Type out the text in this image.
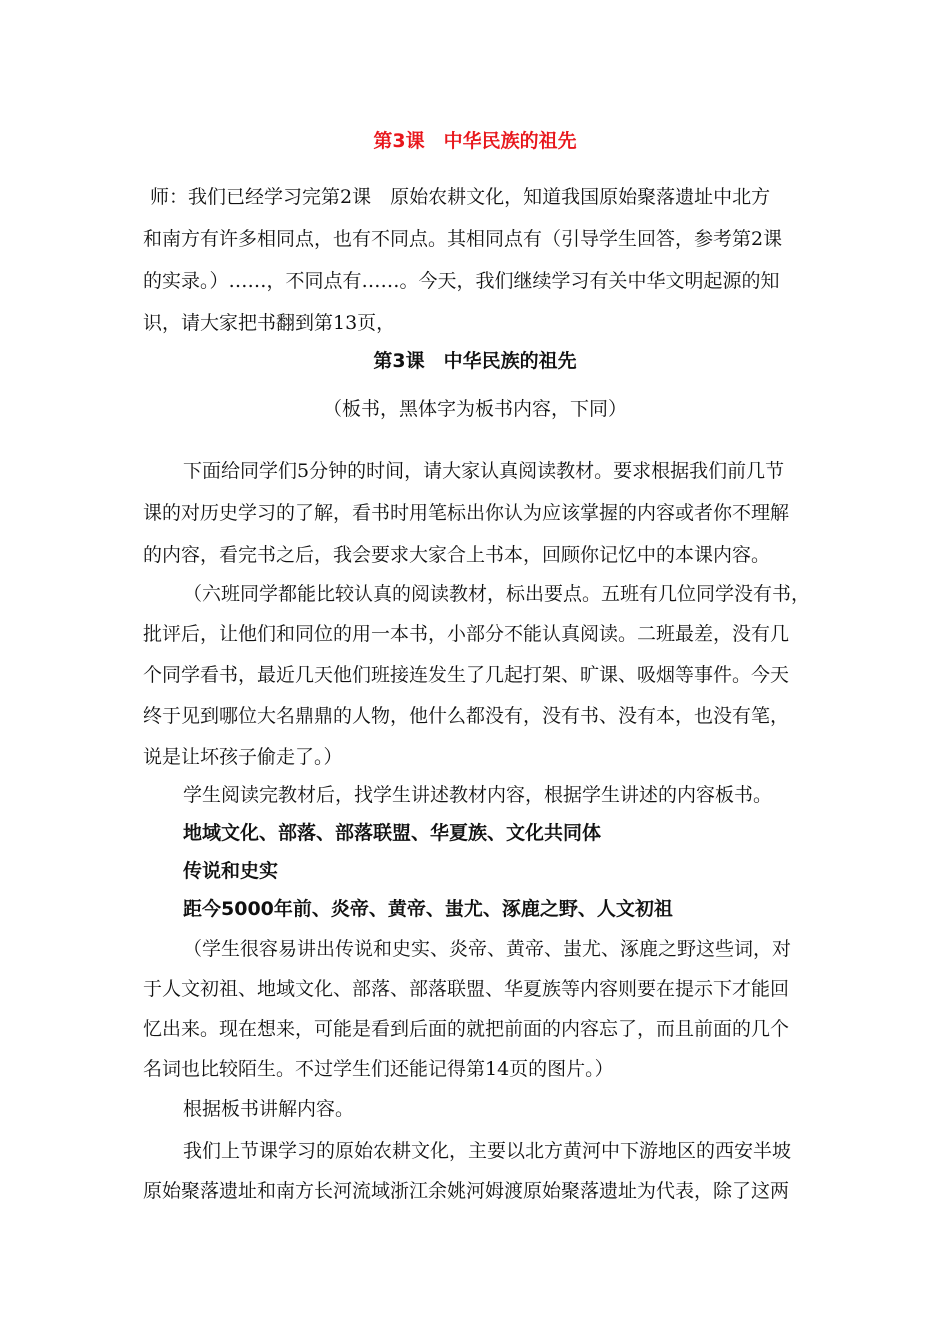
第3课　中华民族的祖先
师：我们已经学习完第2课　原始农耕文化，知道我国原始聚落遗址中北方
和南方有许多相同点，也有不同点。其相同点有（引导学生回答，参考第2课
的实录。）……，不同点有……。今天，我们继续学习有关中华文明起源的知
识，请大家把书翻到第13页，
第3课　中华民族的祖先
（板书，黑体字为板书内容，下同）
下面给同学们5分钟的时间，请大家认真阅读教材。要求根据我们前几节
课的对历史学习的了解，看书时用笔标出你认为应该掌握的内容或者你不理解
的内容，看完书之后，我会要求大家合上书本，回顾你记忆中的本课内容。
（六班同学都能比较认真的阅读教材，标出要点。五班有几位同学没有书，
批评后，让他们和同位的用一本书，小部分不能认真阅读。二班最差，没有几
个同学看书，最近几天他们班接连发生了几起打架、旷课、吸烟等事件。今天
终于见到哪位大名鼎鼎的人物，他什么都没有，没有书、没有本，也没有笔，
说是让坏孩子偷走了。）
学生阅读完教材后，找学生讲述教材内容，根据学生讲述的内容板书。
地域文化、部落、部落联盟、华夏族、文化共同体
传说和史实
距今5000年前、炎帝、黄帝、蚩尤、涿鹿之野、人文初祖
（学生很容易讲出传说和史实、炎帝、黄帝、蚩尤、涿鹿之野这些词，对
于人文初祖、地域文化、部落、部落联盟、华夏族等内容则要在提示下才能回
忆出来。现在想来，可能是看到后面的就把前面的内容忘了，而且前面的几个
名词也比较陌生。不过学生们还能记得第14页的图片。）
根据板书讲解内容。
我们上节课学习的原始农耕文化，主要以北方黄河中下游地区的西安半坡
原始聚落遗址和南方长河流域浙江余姚河姆渡原始聚落遗址为代表，除了这两
